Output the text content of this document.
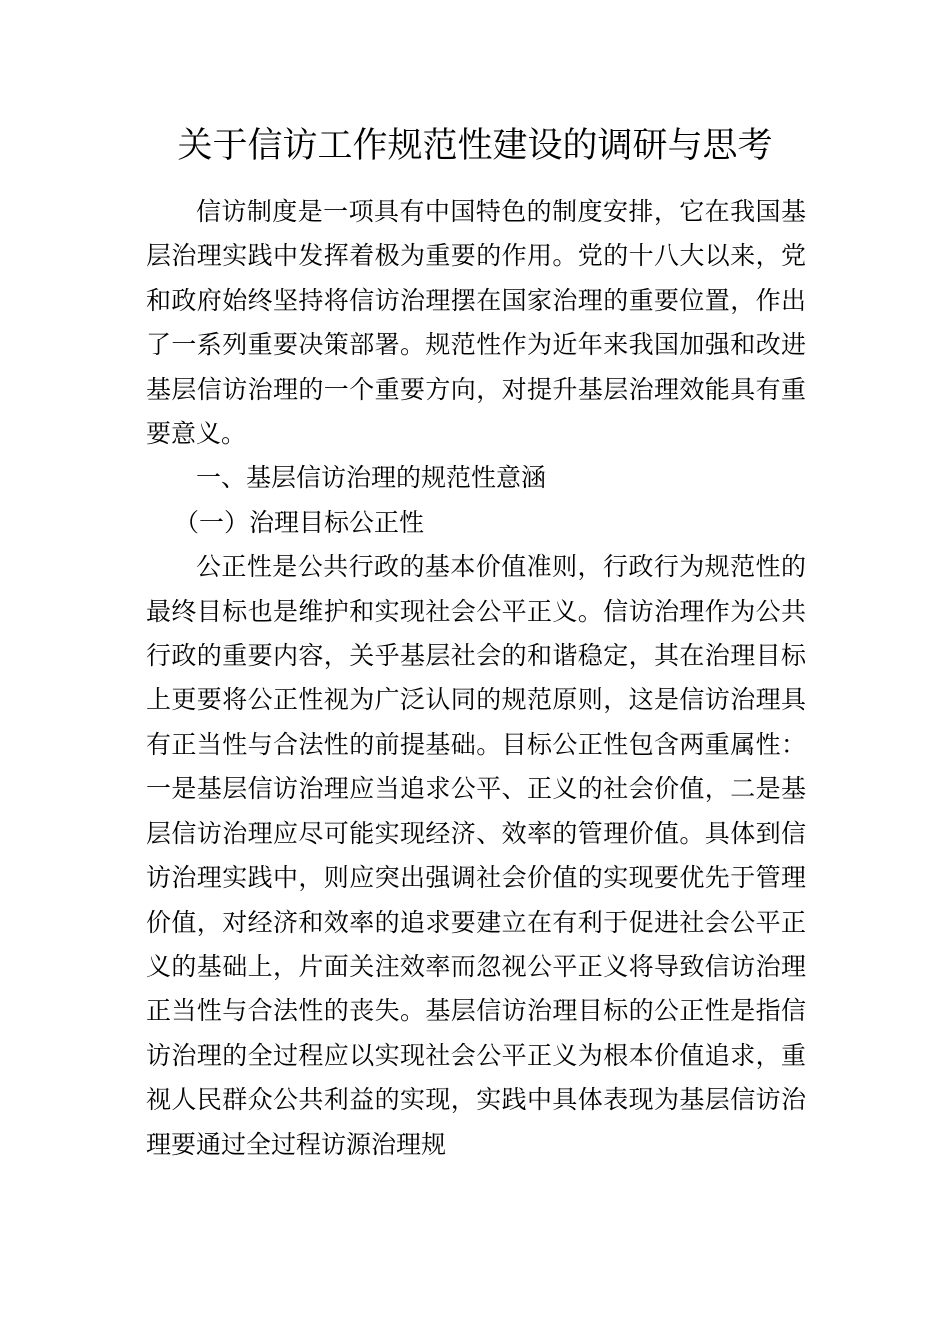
关于信访工作规范性建设的调研与思考

信访制度是一项具有中国特色的制度安排，它在我国基层治理实践中发挥着极为重要的作用。党的十八大以来，党和政府始终坚持将信访治理摆在国家治理的重要位置，作出了一系列重要决策部署。规范性作为近年来我国加强和改进基层信访治理的一个重要方向，对提升基层治理效能具有重要意义。

一、基层信访治理的规范性意涵

（一）治理目标公正性

公正性是公共行政的基本价值准则，行政行为规范性的最终目标也是维护和实现社会公平正义。信访治理作为公共行政的重要内容，关乎基层社会的和谐稳定，其在治理目标上更要将公正性视为广泛认同的规范原则，这是信访治理具有正当性与合法性的前提基础。目标公正性包含两重属性：一是基层信访治理应当追求公平、正义的社会价值，二是基层信访治理应尽可能实现经济、效率的管理价值。具体到信访治理实践中，则应突出强调社会价值的实现要优先于管理价值，对经济和效率的追求要建立在有利于促进社会公平正义的基础上，片面关注效率而忽视公平正义将导致信访治理正当性与合法性的丧失。基层信访治理目标的公正性是指信访治理的全过程应以实现社会公平正义为根本价值追求，重视人民群众公共利益的实现，实践中具体表现为基层信访治理要通过全过程访源治理规
